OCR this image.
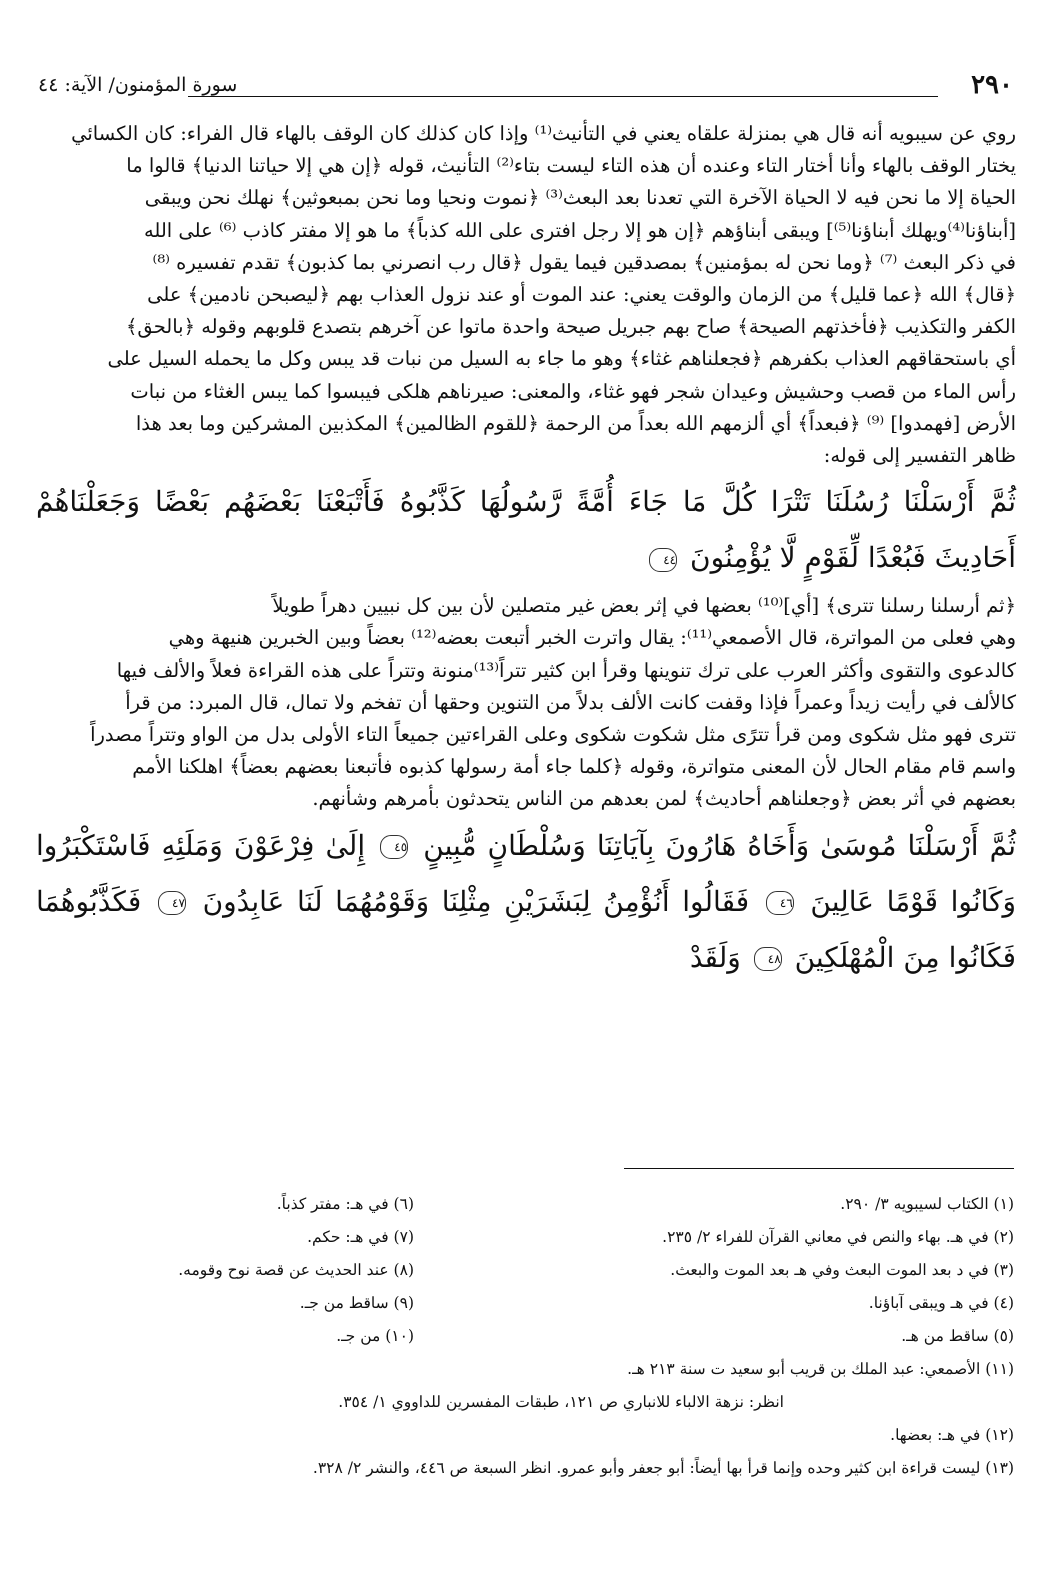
٢٩٠
سورة المؤمنون/ الآية: ٤٤

روي عن سيبويه أنه قال هي بمنزلة علقاه يعني في التأنيث⁽¹⁾ وإذا كان كذلك كان الوقف بالهاء قال الفراء: كان الكسائي

يختار الوقف بالهاء وأنا أختار التاء وعنده أن هذه التاء ليست بتاء⁽²⁾ التأنيث، قوله ﴿إن هي إلا حياتنا الدنيا﴾ قالوا ما

الحياة إلا ما نحن فيه لا الحياة الآخرة التي تعدنا بعد البعث⁽³⁾ ﴿نموت ونحيا وما نحن بمبعوثين﴾ نهلك نحن ويبقى

[أبناؤنا⁽⁴⁾ويهلك أبناؤنا⁽⁵⁾] ويبقى أبناؤهم ﴿إن هو إلا رجل افترى على الله كذباً﴾ ما هو إلا مفتر كاذب ⁽⁶⁾ على الله

في ذكر البعث ⁽⁷⁾ ﴿وما نحن له بمؤمنين﴾ بمصدقين فيما يقول ﴿قال رب انصرني بما كذبون﴾ تقدم تفسيره ⁽⁸⁾

﴿قال﴾ الله ﴿عما قليل﴾ من الزمان والوقت يعني: عند الموت أو عند نزول العذاب بهم ﴿ليصبحن نادمين﴾ على

الكفر والتكذيب ﴿فأخذتهم الصيحة﴾ صاح بهم جبريل صيحة واحدة ماتوا عن آخرهم بتصدع قلوبهم وقوله ﴿بالحق﴾

أي باستحقاقهم العذاب بكفرهم ﴿فجعلناهم غثاء﴾ وهو ما جاء به السيل من نبات قد يبس وكل ما يحمله السيل على

رأس الماء من قصب وحشيش وعيدان شجر فهو غثاء، والمعنى: صيرناهم هلكى فيبسوا كما يبس الغثاء من نبات

الأرض [فهمدوا] ⁽⁹⁾ ﴿فبعداً﴾ أي ألزمهم الله بعداً من الرحمة ﴿للقوم الظالمين﴾ المكذبين المشركين وما بعد هذا

ظاهر التفسير إلى قوله:

ثُمَّ أَرْسَلْنَا رُسُلَنَا تَتْرَا كُلَّ مَا جَاءَ أُمَّةً رَّسُولُهَا كَذَّبُوهُ فَأَتْبَعْنَا بَعْضَهُم بَعْضًا وَجَعَلْنَاهُمْ أَحَادِيثَ فَبُعْدًا لِّقَوْمٍ لَّا يُؤْمِنُونَ ٤٤

﴿ثم أرسلنا رسلنا تترى﴾ [أي]⁽¹⁰⁾ بعضها في إثر بعض غير متصلين لأن بين كل نبيين دهراً طويلاً

وهي فعلى من المواترة، قال الأصمعي⁽¹¹⁾: يقال واترت الخبر أتبعت بعضه⁽¹²⁾ بعضاً وبين الخبرين هنيهة وهي

كالدعوى والتقوى وأكثر العرب على ترك تنوينها وقرأ ابن كثير تتراً⁽¹³⁾منونة وتتراً على هذه القراءة فعلاً والألف فيها

كالألف في رأيت زيداً وعمراً فإذا وقفت كانت الألف بدلاً من التنوين وحقها أن تفخم ولا تمال، قال المبرد: من قرأ

تترى فهو مثل شكوى ومن قرأ تترًى مثل شكوت شكوى وعلى القراءتين جميعاً التاء الأولى بدل من الواو وتتراً مصدراً

واسم قام مقام الحال لأن المعنى متواترة، وقوله ﴿كلما جاء أمة رسولها كذبوه فأتبعنا بعضهم بعضاً﴾ اهلكنا الأمم

بعضهم في أثر بعض ﴿وجعلناهم أحاديث﴾ لمن بعدهم من الناس يتحدثون بأمرهم وشأنهم.

ثُمَّ أَرْسَلْنَا مُوسَىٰ وَأَخَاهُ هَارُونَ بِآيَاتِنَا وَسُلْطَانٍ مُّبِينٍ ٤٥ إِلَىٰ فِرْعَوْنَ وَمَلَئِهِ فَاسْتَكْبَرُوا وَكَانُوا قَوْمًا عَالِينَ ٤٦ فَقَالُوا أَنُؤْمِنُ لِبَشَرَيْنِ مِثْلِنَا وَقَوْمُهُمَا لَنَا عَابِدُونَ ٤٧ فَكَذَّبُوهُمَا فَكَانُوا مِنَ الْمُهْلَكِينَ ٤٨ وَلَقَدْ
(١) الكتاب لسيبويه ٣/ ٢٩٠.
(٢) في هـ. بهاء والنص في معاني القرآن للفراء ٢/ ٢٣٥.
(٣) في د بعد الموت البعث وفي هـ بعد الموت والبعث.
(٤) في هـ ويبقى آباؤنا.
(٥) ساقط من هـ.
(٦) في هـ: مفتر كذباً.
(٧) في هـ: حكم.
(٨) عند الحديث عن قصة نوح وقومه.
(٩) ساقط من جـ.
(١٠) من جـ.
(١١) الأصمعي: عبد الملك بن قريب أبو سعيد ت سنة ٢١٣ هـ.
انظر: نزهة الالباء للانباري ص ١٢١، طبقات المفسرين للداووي ١/ ٣٥٤.
(١٢) في هـ: بعضها.
(١٣) ليست قراءة ابن كثير وحده وإنما قرأ بها أيضاً: أبو جعفر وأبو عمرو. انظر السبعة ص ٤٤٦، والنشر ٢/ ٣٢٨.
